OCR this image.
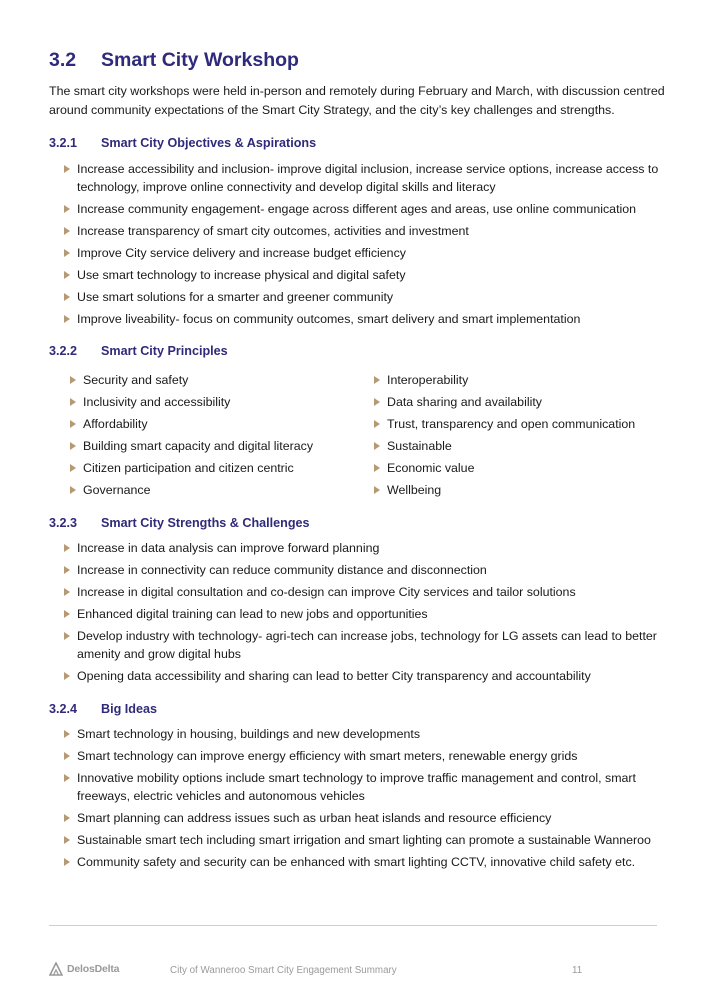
3.2 Smart City Workshop

The smart city workshops were held in-person and remotely during February and March, with discussion centred around community expectations of the Smart City Strategy, and the city’s key challenges and strengths.

3.2.1 Smart City Objectives & Aspirations
Increase accessibility and inclusion- improve digital inclusion, increase service options, increase access to technology, improve online connectivity and develop digital skills and literacy
Increase community engagement- engage across different ages and areas, use online communication
Increase transparency of smart city outcomes, activities and investment
Improve City service delivery and increase budget efficiency
Use smart technology to increase physical and digital safety
Use smart solutions for a smarter and greener community
Improve liveability- focus on community outcomes, smart delivery and smart implementation
3.2.2 Smart City Principles
Security and safety
Inclusivity and accessibility
Affordability
Building smart capacity and digital literacy
Citizen participation and citizen centric
Governance
Interoperability
Data sharing and availability
Trust, transparency and open communication
Sustainable
Economic value
Wellbeing
3.2.3 Smart City Strengths & Challenges
Increase in data analysis can improve forward planning
Increase in connectivity can reduce community distance and disconnection
Increase in digital consultation and co-design can improve City services and tailor solutions
Enhanced digital training can lead to new jobs and opportunities
Develop industry with technology- agri-tech can increase jobs, technology for LG assets can lead to better amenity and grow digital hubs
Opening data accessibility and sharing can lead to better City transparency and accountability
3.2.4 Big Ideas
Smart technology in housing, buildings and new developments
Smart technology can improve energy efficiency with smart meters, renewable energy grids
Innovative mobility options include smart technology to improve traffic management and control, smart freeways, electric vehicles and autonomous vehicles
Smart planning can address issues such as urban heat islands and resource efficiency
Sustainable smart tech including smart irrigation and smart lighting can promote a sustainable Wanneroo
Community safety and security can be enhanced with smart lighting CCTV, innovative child safety etc.
DelosDelta	City of Wanneroo Smart City Engagement Summary	11
